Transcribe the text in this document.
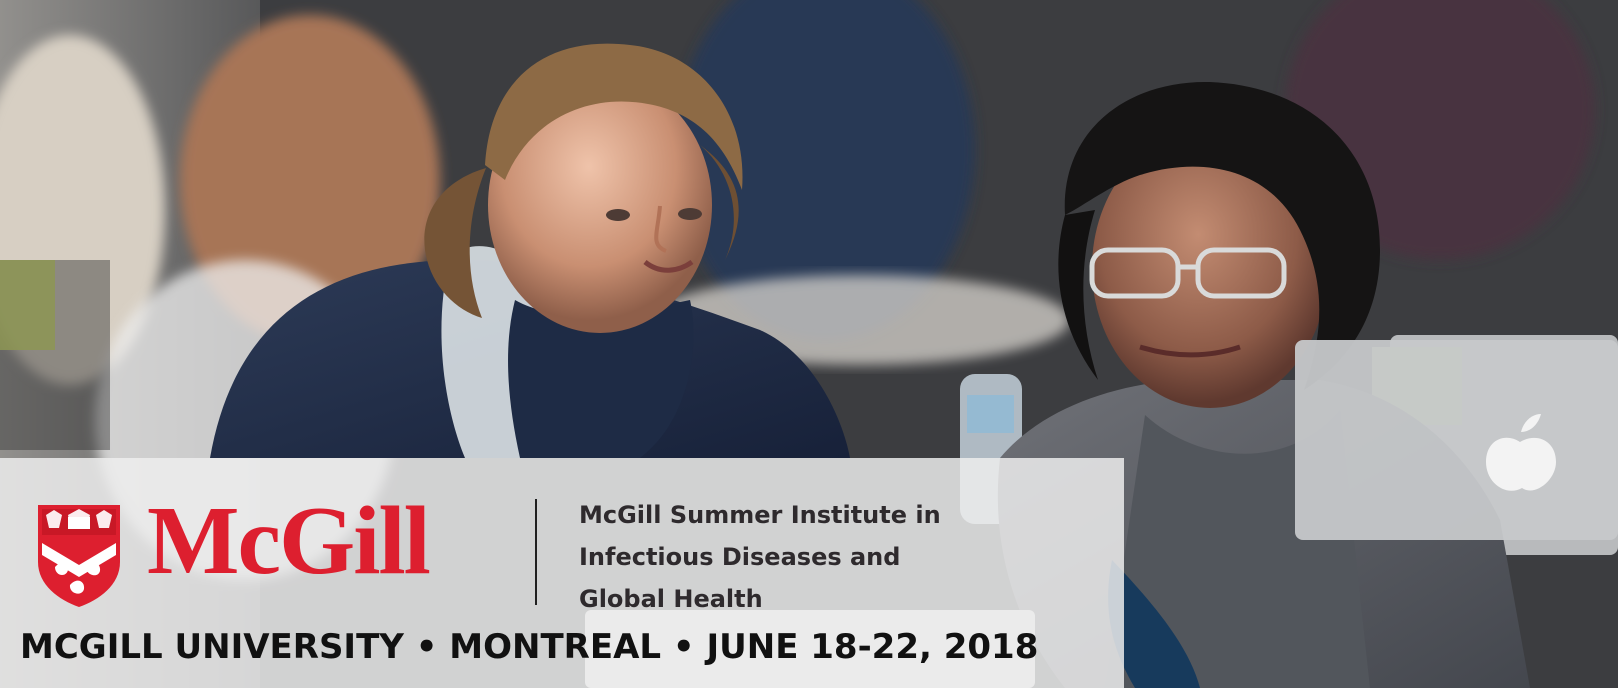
McGill	McGill Summer Institute in
Infectious Diseases and
Global Health
MCGILL UNIVERSITY • MONTREAL • JUNE 18-22, 2018
